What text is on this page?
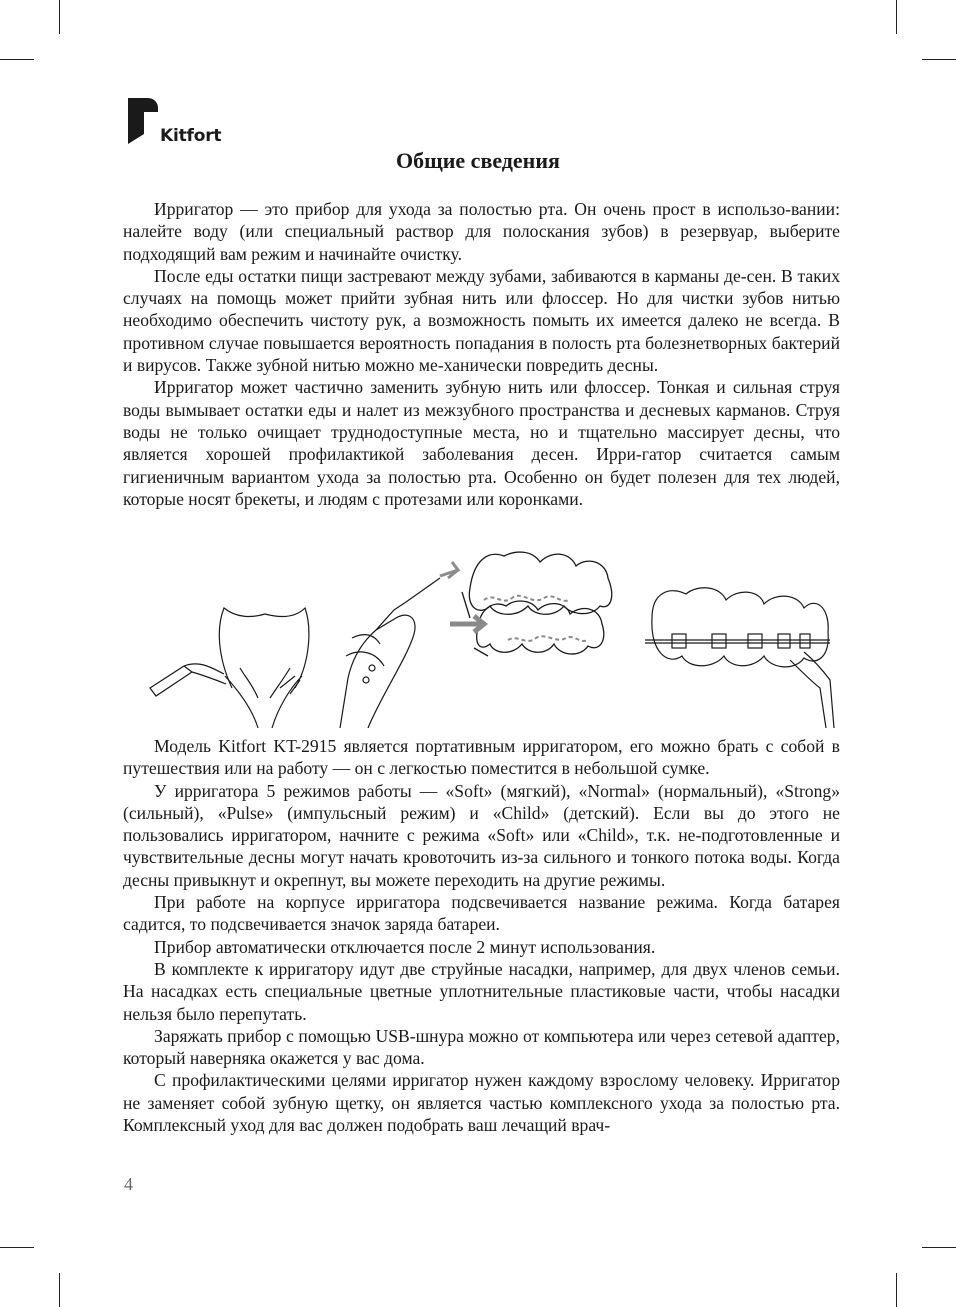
Kitfort
Общие сведения

Ирригатор — это прибор для ухода за полостью рта. Он очень прост в использо-вании: налейте воду (или специальный раствор для полоскания зубов) в резервуар, выберите подходящий вам режим и начинайте очистку.

После еды остатки пищи застревают между зубами, забиваются в карманы де-сен. В таких случаях на помощь может прийти зубная нить или флоссер. Но для чистки зубов нитью необходимо обеспечить чистоту рук, а возможность помыть их имеется далеко не всегда. В противном случае повышается вероятность попадания в полость рта болезнетворных бактерий и вирусов. Также зубной нитью можно ме-ханически повредить десны.

Ирригатор может частично заменить зубную нить или флоссер. Тонкая и сильная струя воды вымывает остатки еды и налет из межзубного пространства и десневых карманов. Струя воды не только очищает труднодоступные места, но и тщательно массирует десны, что является хорошей профилактикой заболевания десен. Ирри-гатор считается самым гигиеничным вариантом ухода за полостью рта. Особенно он будет полезен для тех людей, которые носят брекеты, и людям с протезами или коронками.

Модель Kitfort KT-2915 является портативным ирригатором, его можно брать с собой в путешествия или на работу — он с легкостью поместится в небольшой сумке.

У ирригатора 5 режимов работы — «Soft» (мягкий), «Normal» (нормальный), «Strong» (сильный), «Pulse» (импульсный режим) и «Child» (детский). Если вы до этого не пользовались ирригатором, начните с режима «Soft» или «Child», т.к. не-подготовленные и чувствительные десны могут начать кровоточить из-за сильного и тонкого потока воды. Когда десны привыкнут и окрепнут, вы можете переходить на другие режимы.

При работе на корпусе ирригатора подсвечивается название режима. Когда батарея садится, то подсвечивается значок заряда батареи.

Прибор автоматически отключается после 2 минут использования.

В комплекте к ирригатору идут две струйные насадки, например, для двух членов семьи. На насадках есть специальные цветные уплотнительные пластиковые части, чтобы насадки нельзя было перепутать.

Заряжать прибор с помощью USB-шнура можно от компьютера или через сетевой адаптер, который наверняка окажется у вас дома.

С профилактическими целями ирригатор нужен каждому взрослому человеку. Ирригатор не заменяет собой зубную щетку, он является частью комплексного ухода за полостью рта. Комплексный уход для вас должен подобрать ваш лечащий врач-

4
